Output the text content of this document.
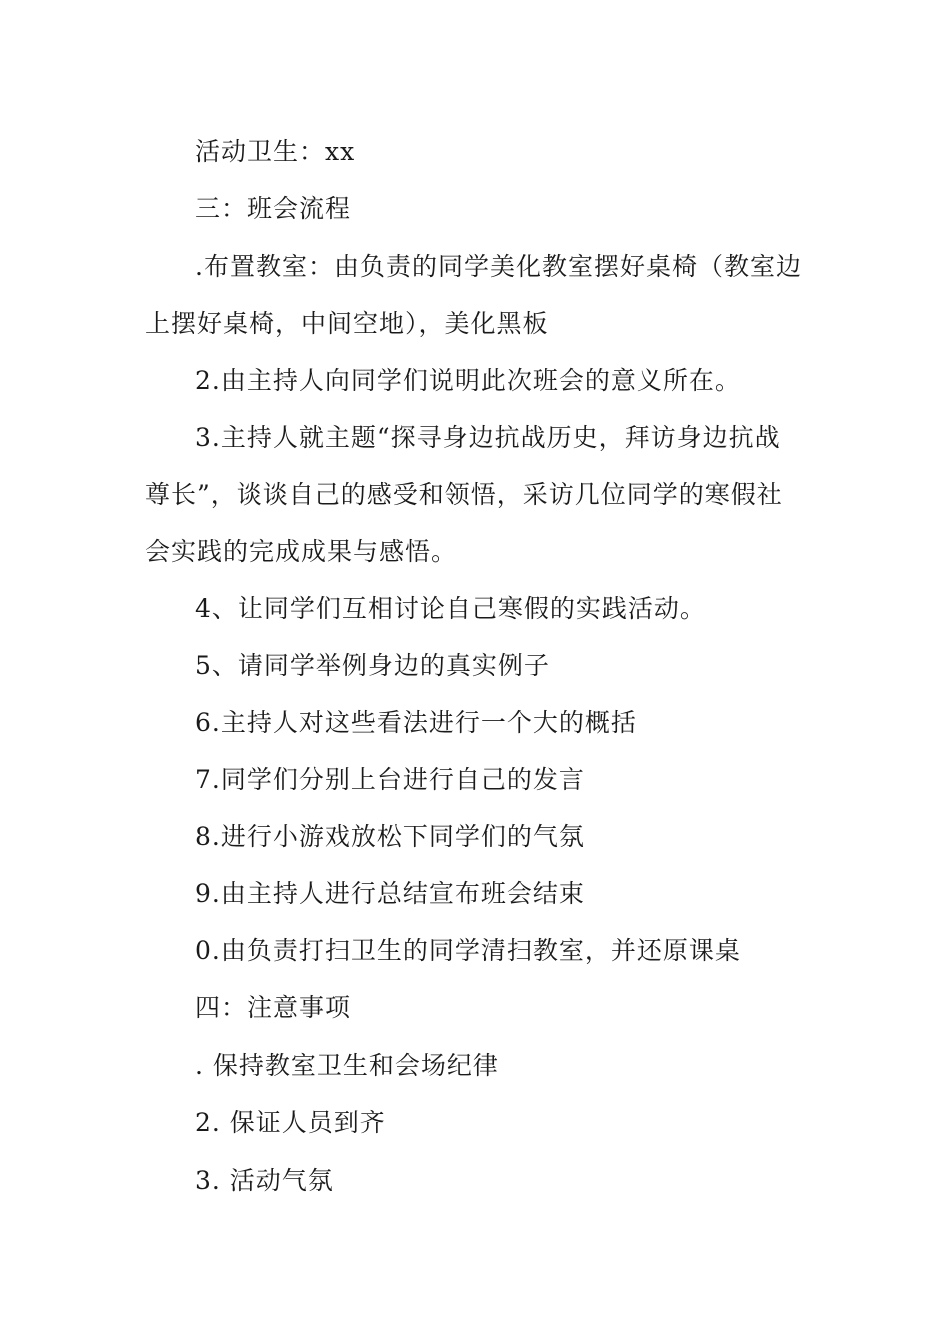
活动卫生：xx
三：班会流程
.布置教室：由负责的同学美化教室摆好桌椅（教室边
上摆好桌椅，中间空地），美化黑板
2.由主持人向同学们说明此次班会的意义所在。
3.主持人就主题“探寻身边抗战历史，拜访身边抗战
尊长”，谈谈自己的感受和领悟，采访几位同学的寒假社
会实践的完成成果与感悟。
4、让同学们互相讨论自己寒假的实践活动。
5、请同学举例身边的真实例子
6.主持人对这些看法进行一个大的概括
7.同学们分别上台进行自己的发言
8.进行小游戏放松下同学们的气氛
9.由主持人进行总结宣布班会结束
0.由负责打扫卫生的同学清扫教室，并还原课桌
四：注意事项
. 保持教室卫生和会场纪律
2. 保证人员到齐
3. 活动气氛
